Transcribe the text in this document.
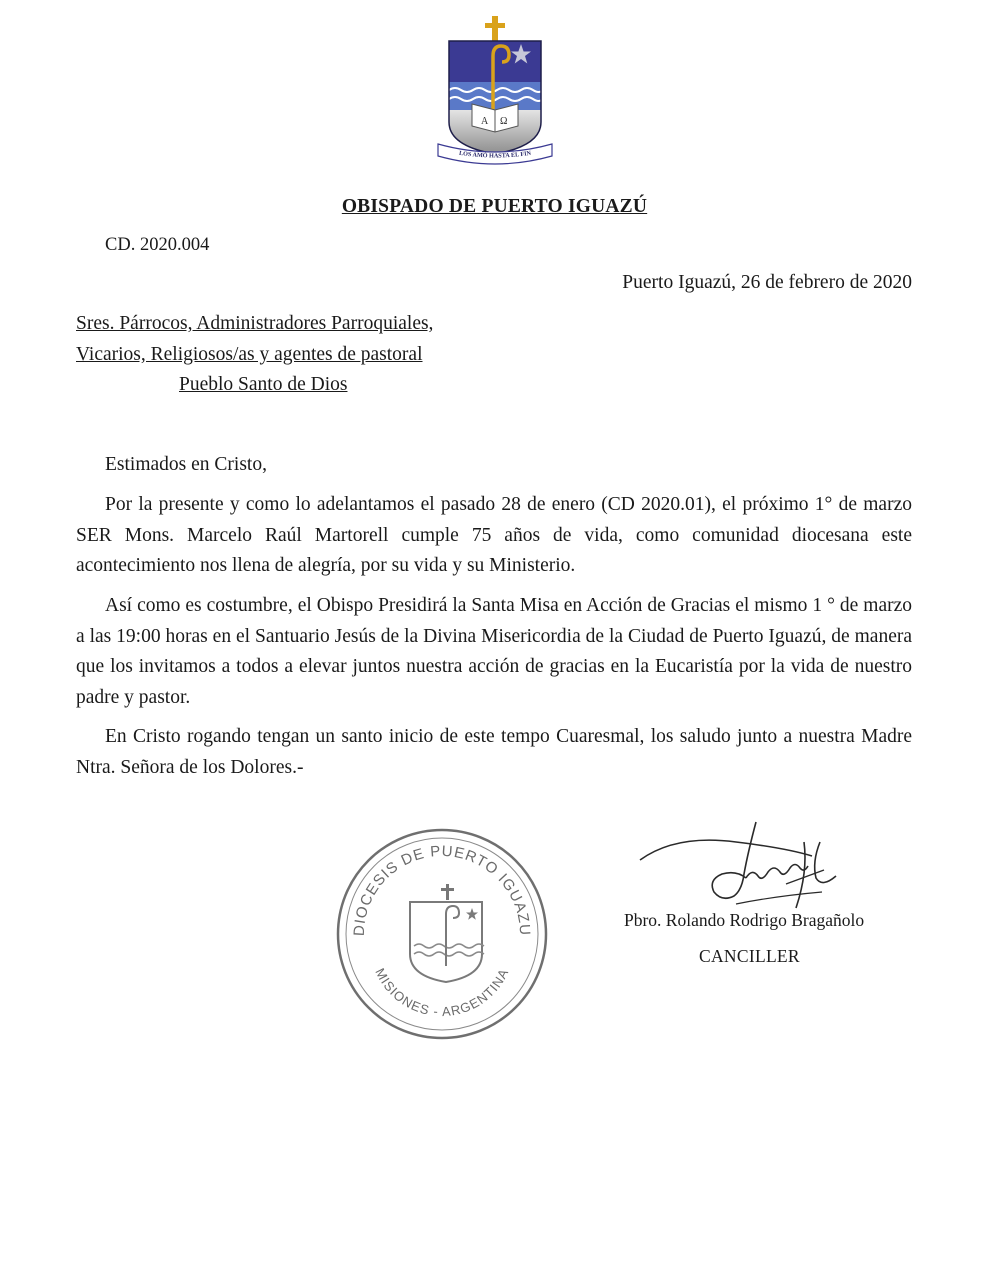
A Ω
LOS AMÓ HASTA EL FIN
OBISPADO DE PUERTO IGUAZÚ
CD. 2020.004
Puerto Iguazú, 26 de febrero de 2020
Sres. Párrocos, Administradores Parroquiales,
Vicarios, Religiosos/as y agentes de pastoral
Pueblo Santo de Dios
Estimados en Cristo,

Por la presente y como lo adelantamos el pasado 28 de enero (CD 2020.01), el próximo 1° de marzo SER Mons. Marcelo Raúl Martorell cumple 75 años de vida, como comunidad diocesana este acontecimiento nos llena de alegría, por su vida y su Ministerio.

Así como es costumbre, el Obispo Presidirá la Santa Misa en Acción de Gracias el mismo 1 ° de marzo a las 19:00 horas en el Santuario Jesús de la Divina Misericordia de la Ciudad de Puerto Iguazú, de manera que los invitamos a todos a elevar juntos nuestra acción de gracias en la Eucaristía por la vida de nuestro padre y pastor.

En Cristo rogando tengan un santo inicio de este tempo Cuaresmal, los saludo junto a nuestra Madre Ntra. Señora de los Dolores.-

DIOCESIS DE PUERTO IGUAZU
MISIONES - ARGENTINA
Pbro. Rolando Rodrigo Bragañolo
CANCILLER
